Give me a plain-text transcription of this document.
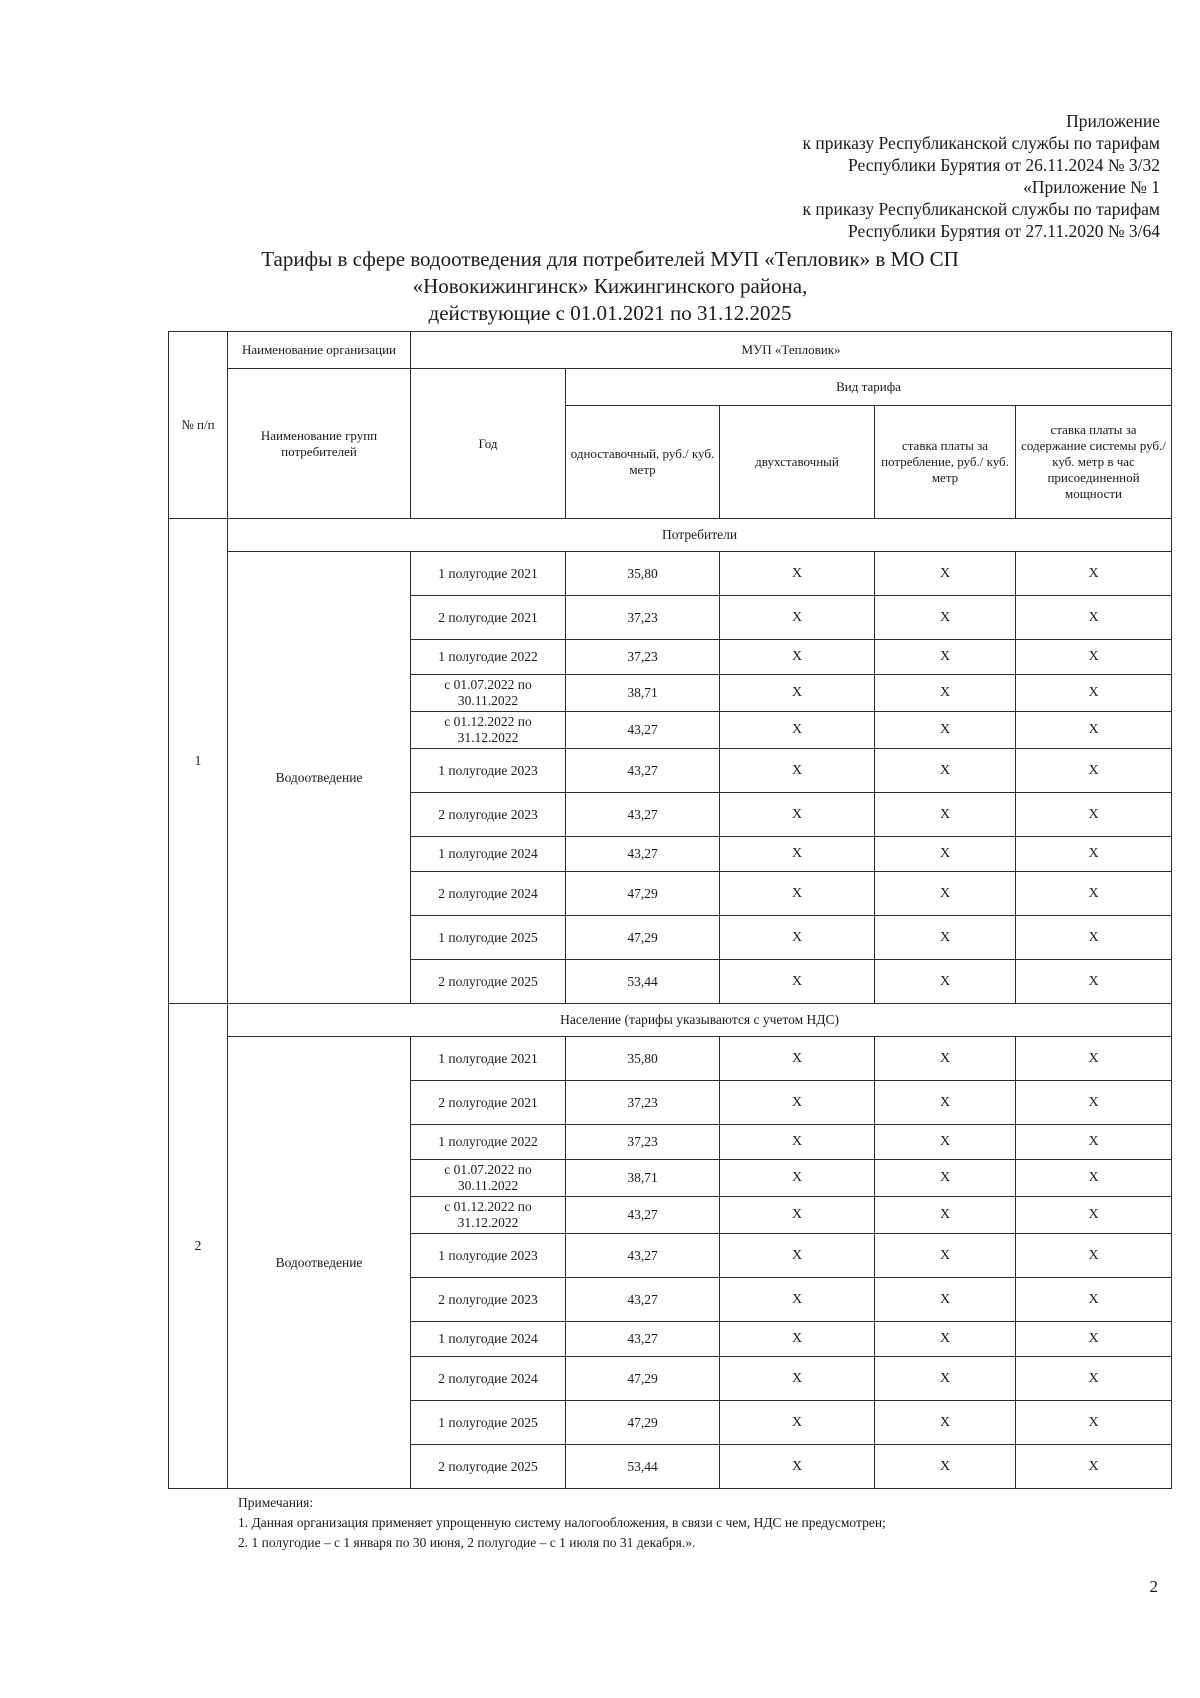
Приложение
к приказу Республиканской службы по тарифам
Республики Бурятия от 26.11.2024 № 3/32
«Приложение № 1
к приказу Республиканской службы по тарифам
Республики Бурятия от 27.11.2020 № 3/64
Тарифы в сфере водоотведения для потребителей МУП «Тепловик» в МО СП
«Новокижингинск» Кижингинского района,
действующие с 01.01.2021 по 31.12.2025
№ п/п	Наименование организации	МУП «Тепловик»				
	Наименование групп потребителей	Год	Вид тарифа			
			одноставочный, руб./ куб. метр	двухставочный	ставка платы за потребление, руб./ куб. метр	ставка платы за содержание системы руб./куб. метр в час присоединенной мощности
1	Потребители					
	Водоотведение	1 полугодие 2021	35,80	Х	Х	Х
		2 полугодие 2021	37,23	Х	Х	Х
		1 полугодие 2022	37,23	Х	Х	Х
		с 01.07.2022 по 30.11.2022	38,71	Х	Х	Х
		с 01.12.2022 по 31.12.2022	43,27	Х	Х	Х
		1 полугодие 2023	43,27	Х	Х	Х
		2 полугодие 2023	43,27	Х	Х	Х
		1 полугодие 2024	43,27	Х	Х	Х
		2 полугодие 2024	47,29	Х	Х	Х
		1 полугодие 2025	47,29	Х	Х	Х
		2 полугодие 2025	53,44	Х	Х	Х
2	Население (тарифы указываются с учетом НДС)					
	Водоотведение	1 полугодие 2021	35,80	Х	Х	Х
		2 полугодие 2021	37,23	Х	Х	Х
		1 полугодие 2022	37,23	Х	Х	Х
		с 01.07.2022 по 30.11.2022	38,71	Х	Х	Х
		с 01.12.2022 по 31.12.2022	43,27	Х	Х	Х
		1 полугодие 2023	43,27	Х	Х	Х
		2 полугодие 2023	43,27	Х	Х	Х
		1 полугодие 2024	43,27	Х	Х	Х
		2 полугодие 2024	47,29	Х	Х	Х
		1 полугодие 2025	47,29	Х	Х	Х
		2 полугодие 2025	53,44	Х	Х	Х
Примечания:
1. Данная организация применяет упрощенную систему налогообложения, в связи с чем, НДС не предусмотрен;
2. 1 полугодие – с 1 января по 30 июня, 2 полугодие – с 1 июля по 31 декабря.».
2
